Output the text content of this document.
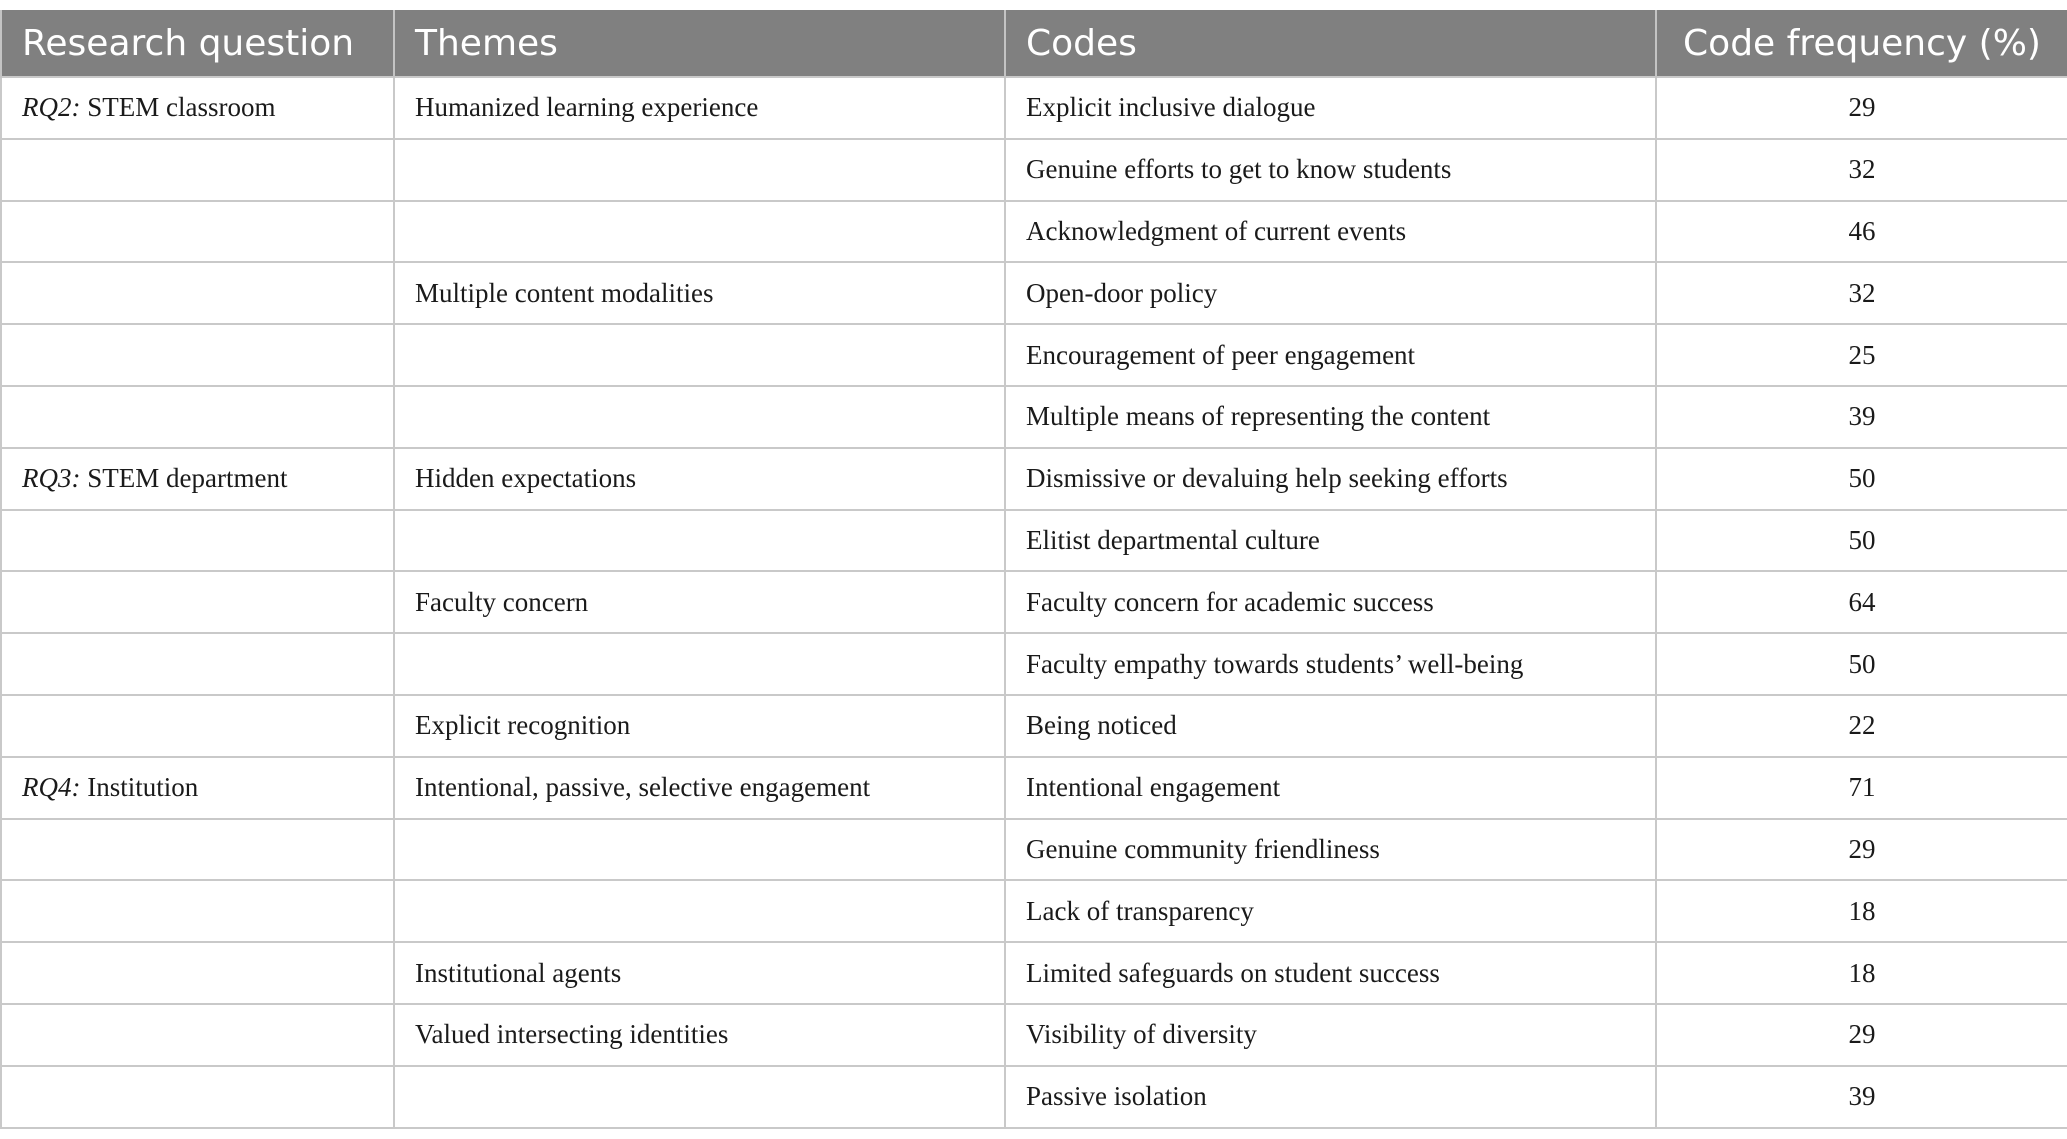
Research question	Themes	Codes	Code frequency (%)
RQ2: STEM classroom	Humanized learning experience	Explicit inclusive dialogue	29
		Genuine efforts to get to know students	32
		Acknowledgment of current events	46
	Multiple content modalities	Open-door policy	32
		Encouragement of peer engagement	25
		Multiple means of representing the content	39
RQ3: STEM department	Hidden expectations	Dismissive or devaluing help seeking efforts	50
		Elitist departmental culture	50
	Faculty concern	Faculty concern for academic success	64
		Faculty empathy towards students’ well-being	50
	Explicit recognition	Being noticed	22
RQ4: Institution	Intentional, passive, selective engagement	Intentional engagement	71
		Genuine community friendliness	29
		Lack of transparency	18
	Institutional agents	Limited safeguards on student success	18
	Valued intersecting identities	Visibility of diversity	29
		Passive isolation	39
